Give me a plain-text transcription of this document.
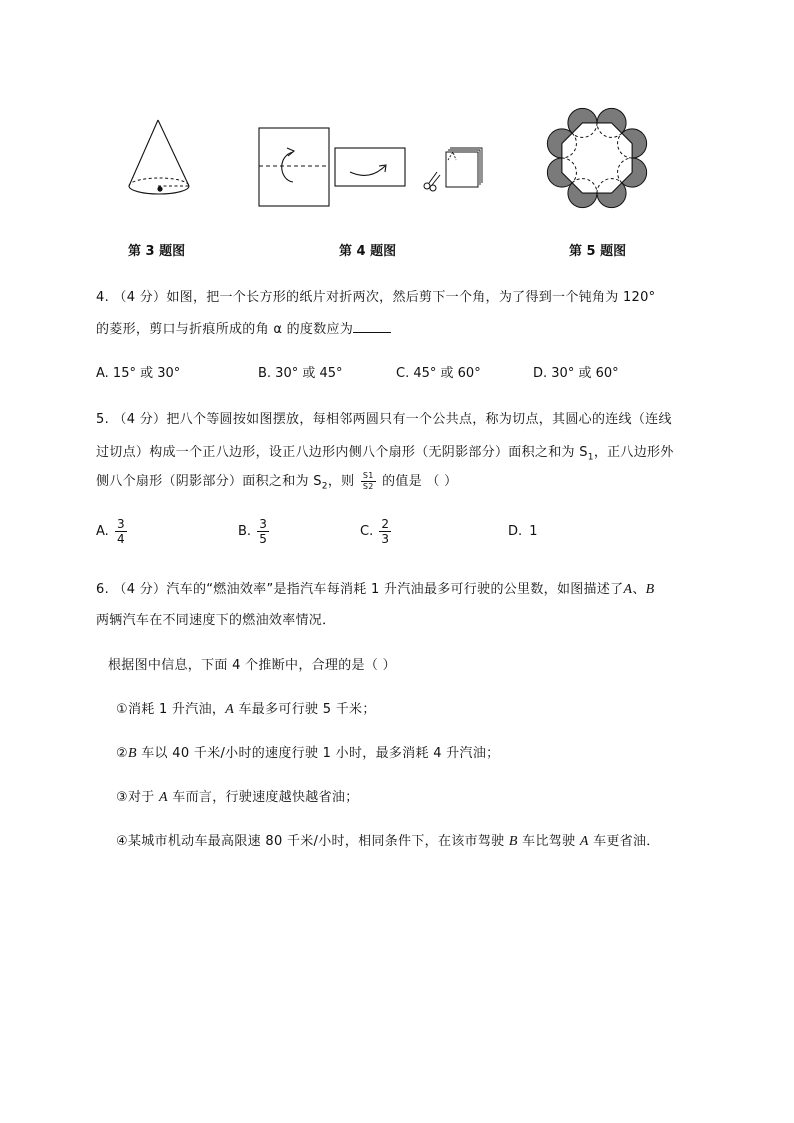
第 3 题图	第 4 题图	第 5 题图
4. （4 分）如图，把一个长方形的纸片对折两次，然后剪下一个角，为了得到一个钝角为 120°
的菱形，剪口与折痕所成的角 α 的度数应为
A. 15° 或 30°	B. 30° 或 45°	C. 45° 或 60°	D. 30° 或 60°
5. （4 分）把八个等圆按如图摆放，每相邻两圆只有一个公共点，称为切点，其圆心的连线（连线
过切点）构成一个正八边形，设正八边形内侧八个扇形（无阴影部分）面积之和为 $S_1$，正八边形外
侧八个扇形（阴影部分）面积之和为 $S_2$，则 $\frac{S1}{S2}$ 的值是 （ ）
A. $\frac{3}{4}$	B. $\frac{3}{5}$	C. $\frac{2}{3}$	D. 1
6. （4 分）汽车的“燃油效率”是指汽车每消耗 1 升汽油最多可行驶的公里数，如图描述了A、B
两辆汽车在不同速度下的燃油效率情况．
根据图中信息，下面 4 个推断中，合理的是（ ）
①消耗 1 升汽油，A 车最多可行驶 5 千米；
②B 车以 40 千米/小时的速度行驶 1 小时，最多消耗 4 升汽油；
③对于 A 车而言，行驶速度越快越省油；
④某城市机动车最高限速 80 千米/小时，相同条件下，在该市驾驶 B 车比驾驶 A 车更省油．
